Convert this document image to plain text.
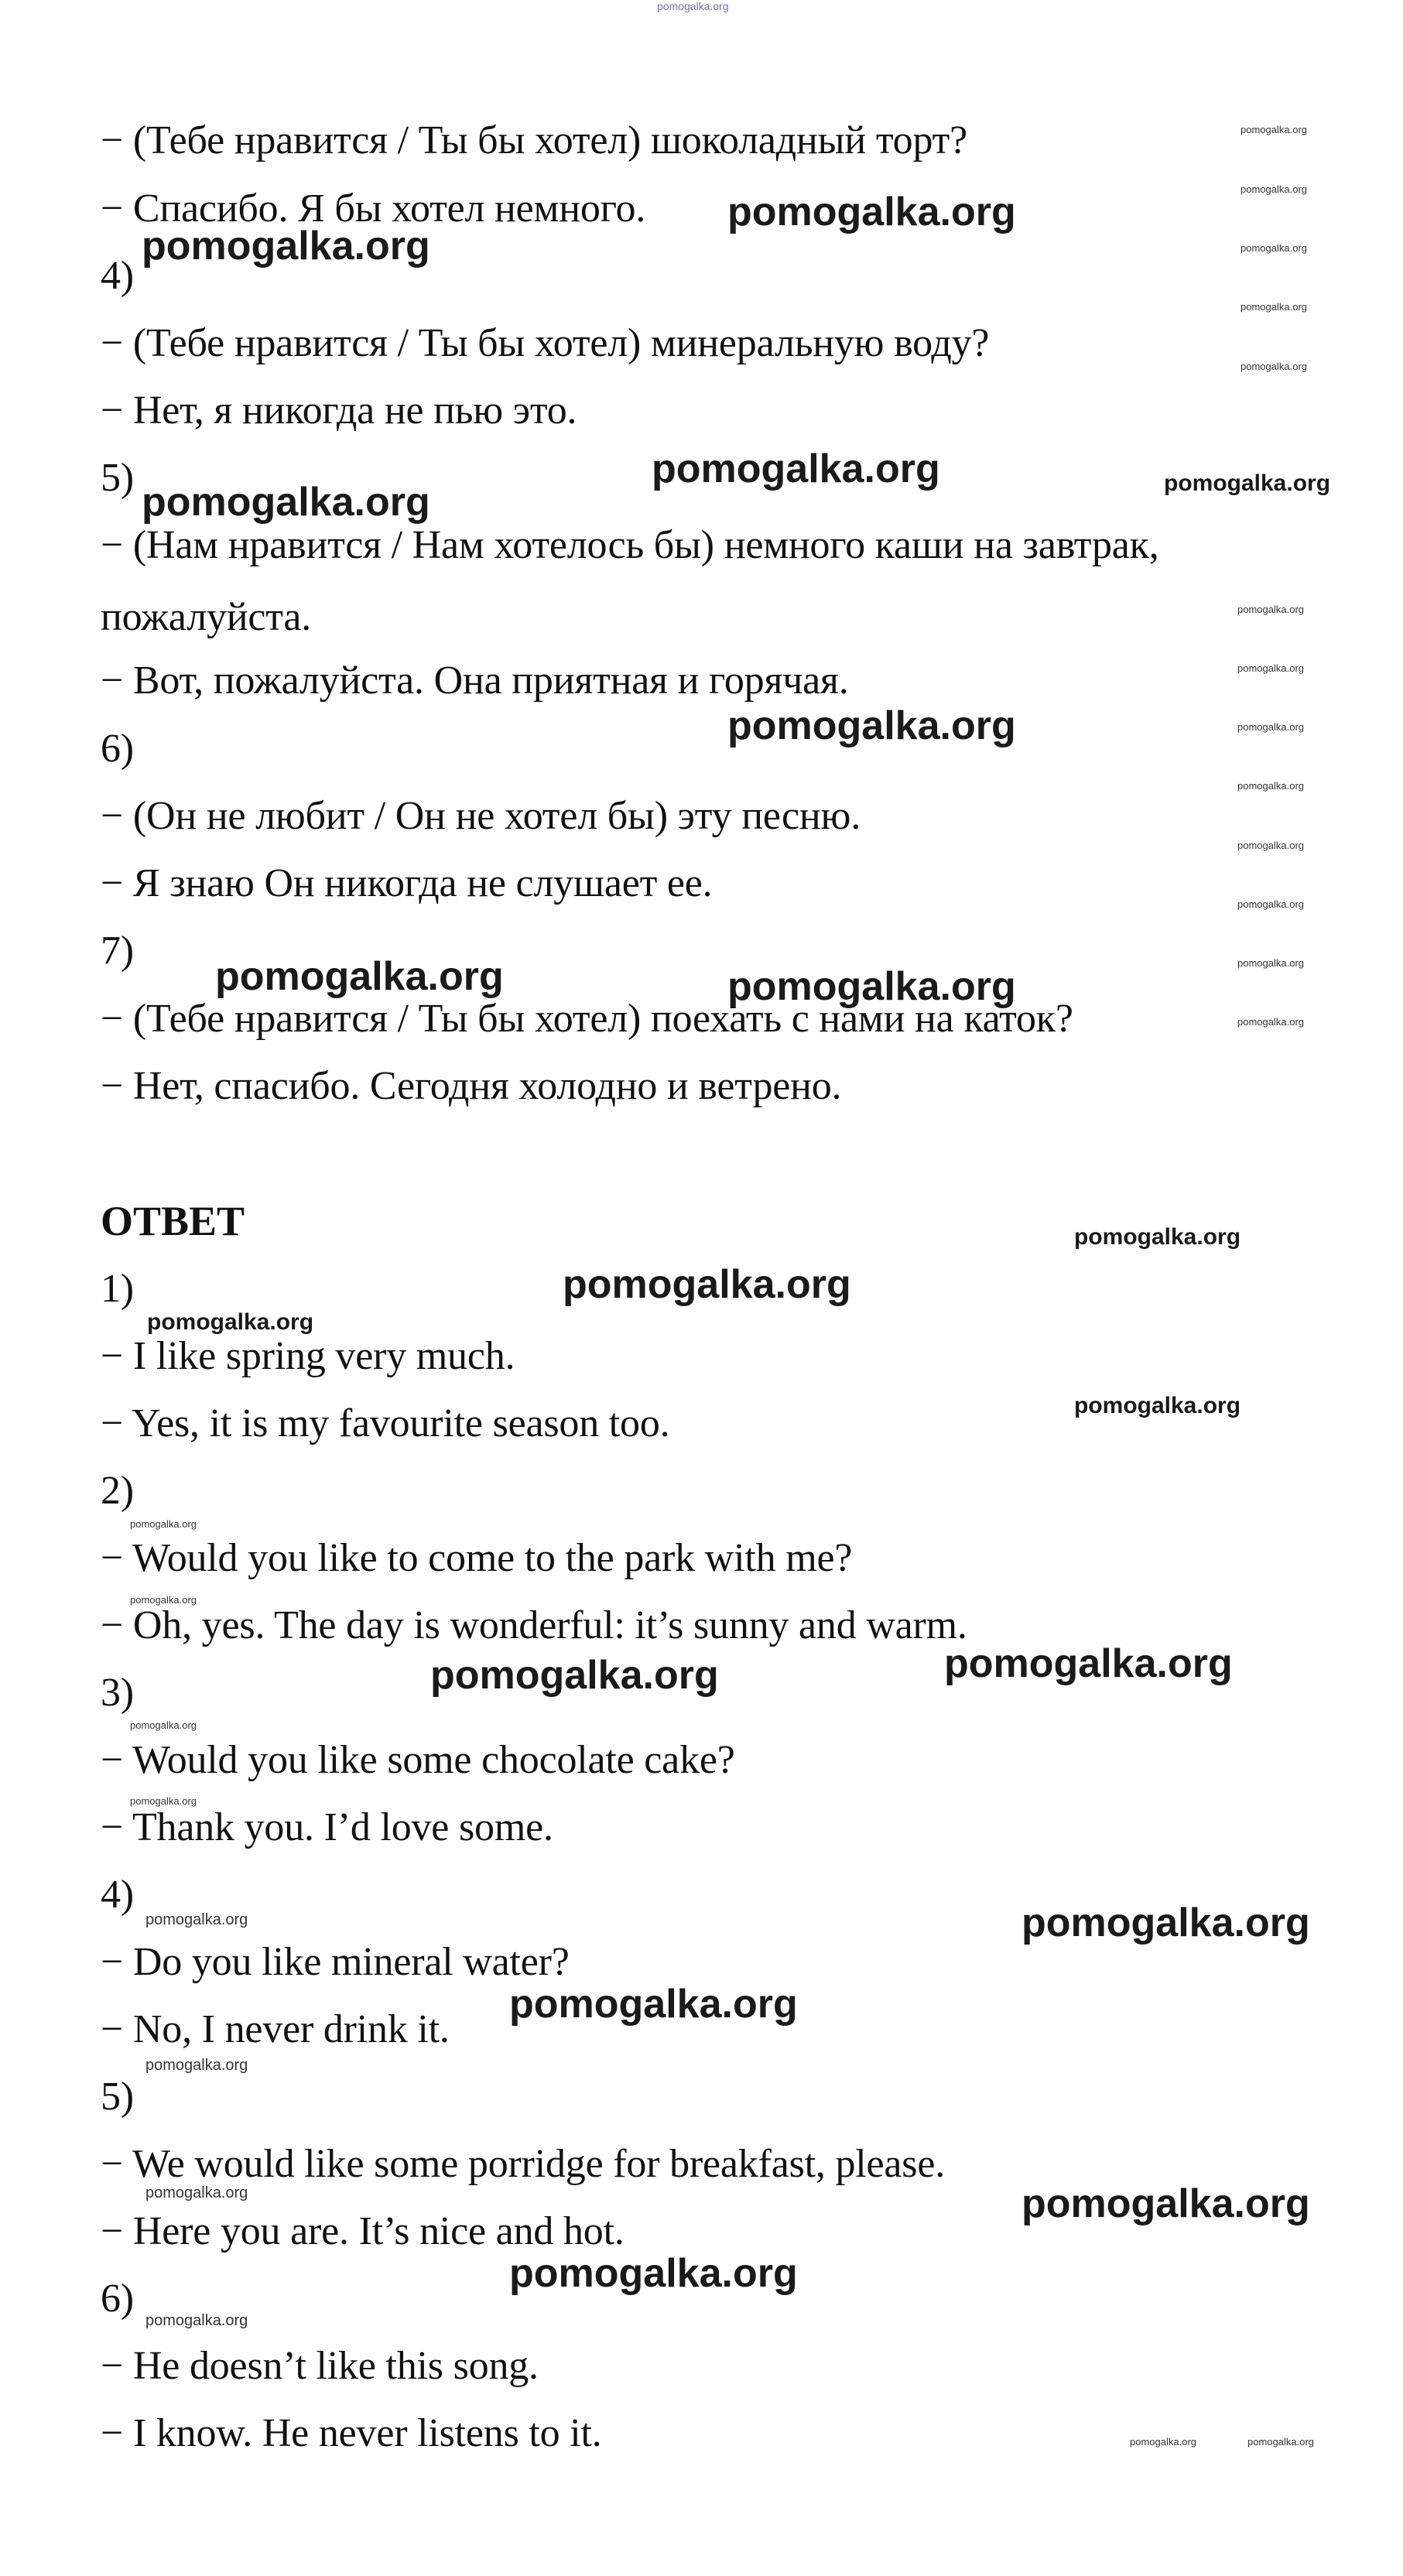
pomogalka.org
− (Тебе нравится / Ты бы хотел) шоколадный торт?
− Спасибо. Я бы хотел немного.
4)
− (Тебе нравится / Ты бы хотел) минеральную воду?
− Нет, я никогда не пью это.
5)
− (Нам нравится / Нам хотелось бы) немного каши на завтрак,
пожалуйста.
− Вот, пожалуйста. Она приятная и горячая.
6)
− (Он не любит / Он не хотел бы) эту песню.
− Я знаю Он никогда не слушает ее.
7)
− (Тебе нравится / Ты бы хотел) поехать с нами на каток?
− Нет, спасибо. Сегодня холодно и ветрено.
ОТВЕТ
1)
− I like spring very much.
− Yes, it is my favourite season too.
2)
− Would you like to come to the park with me?
− Oh, yes. The day is wonderful: it’s sunny and warm.
3)
− Would you like some chocolate cake?
− Thank you. I’d love some.
4)
− Do you like mineral water?
− No, I never drink it.
5)
− We would like some porridge for breakfast, please.
− Here you are. It’s nice and hot.
6)
− He doesn’t like this song.
− I know. He never listens to it.
pomogalka.org
pomogalka.org
pomogalka.org
pomogalka.org
pomogalka.org
pomogalka.org	pomogalka.org
pomogalka.org
pomogalka.org
pomogalka.org
pomogalka.org
pomogalka.org
pomogalka.org
pomogalka.org
pomogalka.org
pomogalka.org
pomogalka.org
pomogalka.org
pomogalka.org
pomogalka.org
pomogalka.org
pomogalka.org
pomogalka.org
pomogalka.org
pomogalka.org
pomogalka.org
pomogalka.org
pomogalka.org
pomogalka.org
pomogalka.org
pomogalka.org
pomogalka.org
pomogalka.org
pomogalka.org
pomogalka.org
pomogalka.org
pomogalka.org
pomogalka.org
pomogalka.org
pomogalka.org	pomogalka.org
